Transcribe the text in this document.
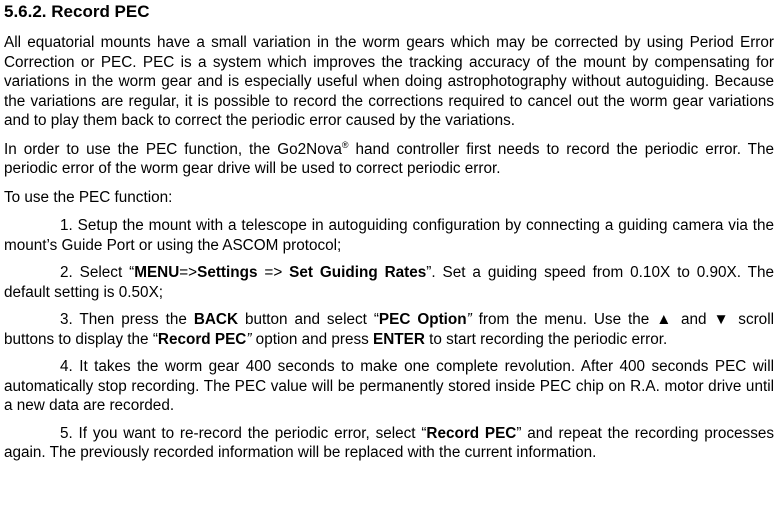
5.6.2. Record PEC

All equatorial mounts have a small variation in the worm gears which may be corrected by using Period Error Correction or PEC. PEC is a system which improves the tracking accuracy of the mount by compensating for variations in the worm gear and is especially useful when doing astrophotography without autoguiding. Because the variations are regular, it is possible to record the corrections required to cancel out the worm gear variations and to play them back to correct the periodic error caused by the variations.

In order to use the PEC function, the Go2Nova® hand controller first needs to record the periodic error. The periodic error of the worm gear drive will be used to correct periodic error.

To use the PEC function:

1. Setup the mount with a telescope in autoguiding configuration by connecting a guiding camera via the mount’s Guide Port or using the ASCOM protocol;

2. Select “MENU=>Settings => Set Guiding Rates”. Set a guiding speed from 0.10X to 0.90X. The default setting is 0.50X;

3. Then press the BACK button and select “PEC Option” from the menu. Use the ▲ and ▼ scroll buttons to display the “Record PEC” option and press ENTER to start recording the periodic error.

4. It takes the worm gear 400 seconds to make one complete revolution. After 400 seconds PEC will automatically stop recording. The PEC value will be permanently stored inside PEC chip on R.A. motor drive until a new data are recorded.

5. If you want to re-record the periodic error, select “Record PEC” and repeat the recording processes again. The previously recorded information will be replaced with the current information.
